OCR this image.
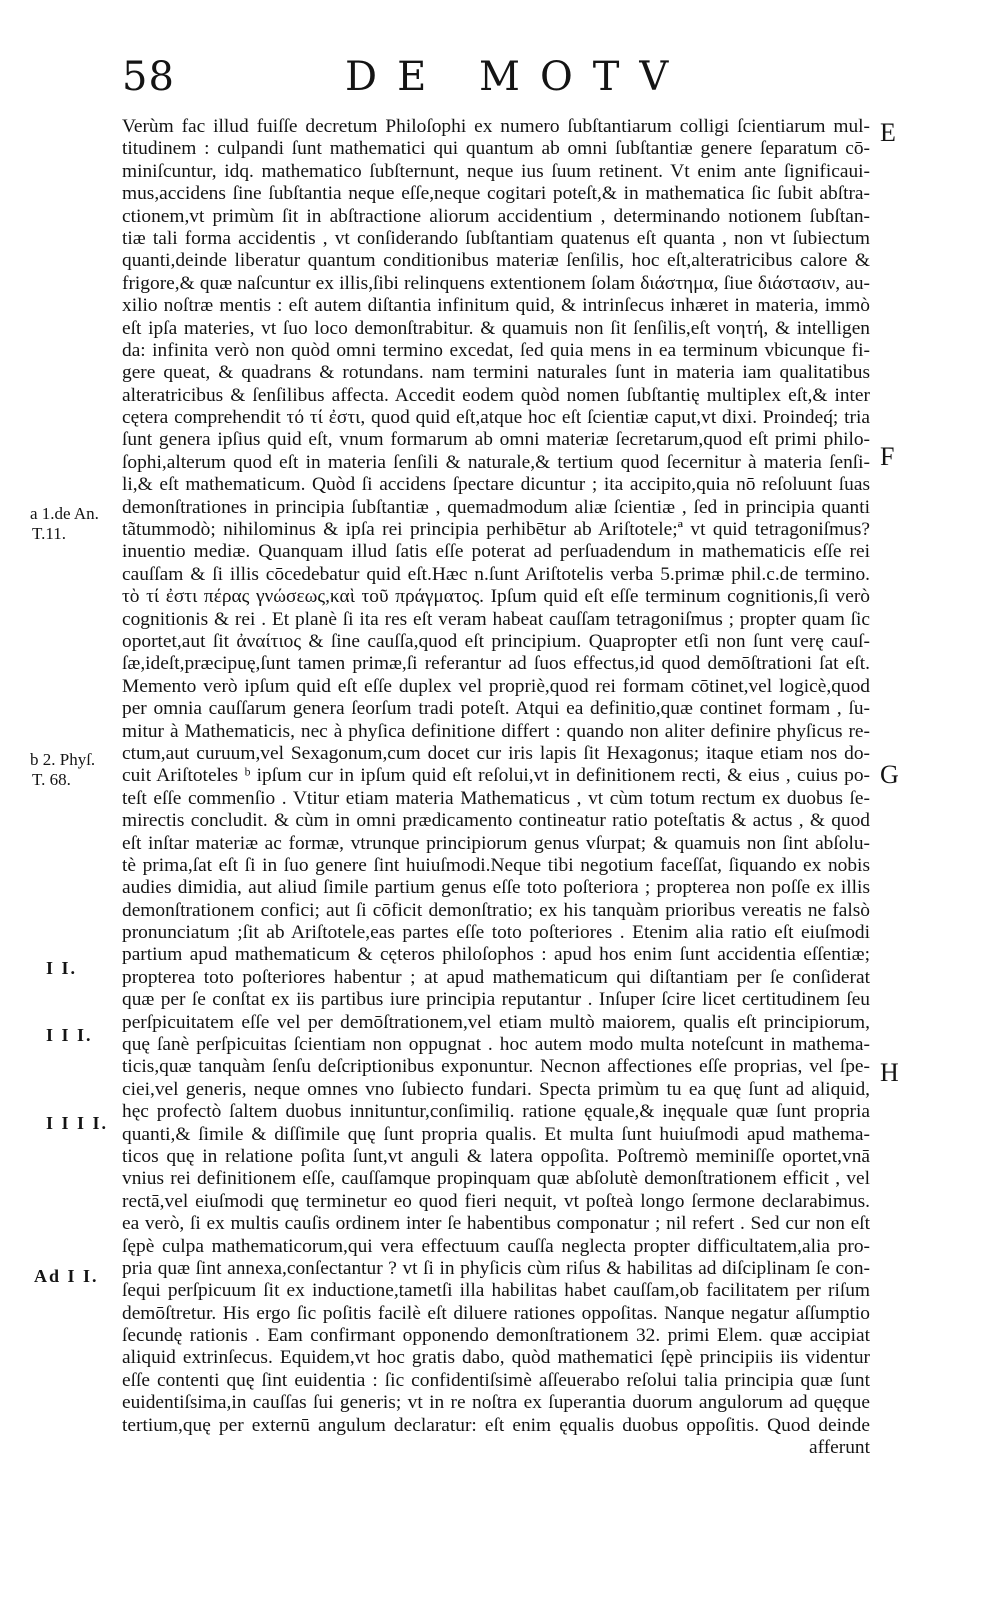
58	DE MOTV
Verùm fac illud fuiſſe decretum Philoſophi ex numero ſubſtantiarum colligi ſcientiarum mul-
titudinem : culpandi ſunt mathematici qui quantum ab omni ſubſtantiæ genere ſeparatum cō-
miniſcuntur, idq. mathematico ſubſternunt, neque ius ſuum retinent. Vt enim ante ſignificaui-
mus,accidens ſine ſubſtantia neque eſſe,neque cogitari poteſt,& in mathematica ſic ſubit abſtra-
ctionem,vt primùm ſit in abſtractione aliorum accidentium , determinando notionem ſubſtan-
tiæ tali forma accidentis , vt conſiderando ſubſtantiam quatenus eſt quanta , non vt ſubiectum
quanti,deinde liberatur quantum conditionibus materiæ ſenſilis, hoc eſt,alteratricibus calore &
frigore,& quæ naſcuntur ex illis,ſibi relinquens extentionem ſolam διάστημα, ſiue διάστασιν, au-
xilio noſtræ mentis : eſt autem diſtantia infinitum quid, & intrinſecus inhæret in materia, immò
eſt ipſa materies, vt ſuo loco demonſtrabitur. & quamuis non ſit ſenſilis,eſt νοητή, & intelligen
da: infinita verò non quòd omni termino excedat, ſed quia mens in ea terminum vbicunque fi-
gere queat, & quadrans & rotundans. nam termini naturales ſunt in materia iam qualitatibus
alteratricibus & ſenſilibus affecta. Accedit eodem quòd nomen ſubſtantię multiplex eſt,& inter
cętera comprehendit τό τί ἐστι, quod quid eſt,atque hoc eſt ſcientiæ caput,vt dixi. Proindeq́; tria
ſunt genera ipſius quid eſt, vnum formarum ab omni materiæ ſecretarum,quod eſt primi philo-
ſophi,alterum quod eſt in materia ſenſili & naturale,& tertium quod ſecernitur à materia ſenſi-
li,& eſt mathematicum. Quòd ſi accidens ſpectare dicuntur ; ita accipito,quia nō reſoluunt ſuas
demonſtrationes in principia ſubſtantiæ , quemadmodum aliæ ſcientiæ , ſed in principia quanti
tãtummodò; nihilominus & ipſa rei principia perhibētur ab Ariſtotele;ª vt quid tetragoniſmus?
inuentio mediæ. Quanquam illud ſatis eſſe poterat ad perſuadendum in mathematicis eſſe rei
cauſſam & ſi illis cōcedebatur quid eſt.Hæc n.ſunt Ariſtotelis verba 5.primæ phil.c.de termino.
τὸ τί ἐστι πέρας γνώσεως,καὶ τοῦ πράγματος. Ipſum quid eſt eſſe terminum cognitionis,ſi verò
cognitionis & rei . Et planè ſi ita res eſt veram habeat cauſſam tetragoniſmus ; propter quam ſic
oportet,aut ſit ἀναίτιος & ſine cauſſa,quod eſt principium. Quapropter etſi non ſunt verę cauſ-
ſæ,ideſt,præcipuę,ſunt tamen primæ,ſi referantur ad ſuos effectus,id quod demōſtrationi ſat eſt.
Memento verò ipſum quid eſt eſſe duplex vel propriè,quod rei formam cōtinet,vel logicè,quod
per omnia cauſſarum genera ſeorſum tradi poteſt. Atqui ea definitio,quæ continet formam , ſu-
mitur à Mathematicis, nec à phyſica definitione differt : quando non aliter definire phyſicus re-
ctum,aut curuum,vel Sexagonum,cum docet cur iris lapis ſit Hexagonus; itaque etiam nos do-
cuit Ariſtoteles ᵇ ipſum cur in ipſum quid eſt reſolui,vt in definitionem recti, & eius , cuius po-
teſt eſſe commenſio . Vtitur etiam materia Mathematicus , vt cùm totum rectum ex duobus ſe-
mirectis concludit. & cùm in omni prædicamento contineatur ratio poteſtatis & actus , & quod
eſt inſtar materiæ ac formæ, vtrunque principiorum genus vſurpat; & quamuis non ſint abſolu-
tè prima,ſat eſt ſi in ſuo genere ſint huiuſmodi.Neque tibi negotium faceſſat, ſiquando ex nobis
audies dimidia, aut aliud ſimile partium genus eſſe toto poſteriora ; propterea non poſſe ex illis
demonſtrationem confici; aut ſi cōficit demonſtratio; ex his tanquàm prioribus vereatis ne falsò
pronunciatum ;ſit ab Ariſtotele,eas partes eſſe toto poſteriores . Etenim alia ratio eſt eiuſmodi
partium apud mathematicum & cęteros philoſophos : apud hos enim ſunt accidentia eſſentiæ;
propterea toto poſteriores habentur ; at apud mathematicum qui diſtantiam per ſe conſiderat
quæ per ſe conſtat ex iis partibus iure principia reputantur . Inſuper ſcire licet certitudinem ſeu
perſpicuitatem eſſe vel per demōſtrationem,vel etiam multò maiorem, qualis eſt principiorum,
quę ſanè perſpicuitas ſcientiam non oppugnat . hoc autem modo multa noteſcunt in mathema-
ticis,quæ tanquàm ſenſu deſcriptionibus exponuntur. Necnon affectiones eſſe proprias, vel ſpe-
ciei,vel generis, neque omnes vno ſubiecto fundari. Specta primùm tu ea quę ſunt ad aliquid,
hęc profectò ſaltem duobus innituntur,conſimiliq. ratione ęquale,& inęquale quæ ſunt propria
quanti,& ſimile & diſſimile quę ſunt propria qualis. Et multa ſunt huiuſmodi apud mathema-
ticos quę in relatione poſita ſunt,vt anguli & latera oppoſita. Poſtremò meminiſſe oportet,vnā
vnius rei definitionem eſſe, cauſſamque propinquam quæ abſolutè demonſtrationem efficit , vel
rectā,vel eiuſmodi quę terminetur eo quod fieri nequit, vt poſteà longo ſermone declarabimus.
ea verò, ſi ex multis cauſis ordinem inter ſe habentibus componatur ; nil refert . Sed cur non eſt
ſępè culpa mathematicorum,qui vera effectuum cauſſa neglecta propter difficultatem,alia pro-
pria quæ ſint annexa,conſectantur ? vt ſi in phyſicis cùm riſus & habilitas ad diſciplinam ſe con-
ſequi perſpicuum ſit ex inductione,tametſi illa habilitas habet cauſſam,ob facilitatem per riſum
demōſtretur. His ergo ſic poſitis facilè eſt diluere rationes oppoſitas. Nanque negatur aſſumptio
ſecundę rationis . Eam confirmant opponendo demonſtrationem 32. primi Elem. quæ accipiat
aliquid extrinſecus. Equidem,vt hoc gratis dabo, quòd mathematici ſępè principiis iis videntur
eſſe contenti quę ſint euidentia : ſic confidentiſsimè aſſeuerabo reſolui talia principia quæ ſunt
euidentiſsima,in cauſſas ſui generis; vt in re noſtra ex ſuperantia duorum angulorum ad quęque
tertium,quę per externū angulum declaratur: eſt enim ęqualis duobus oppoſitis. Quod deinde
afferunt
a 1.de An.
T.11.
b 2. Phyſ.
T. 68.
I I.
I I I.
I I I I.
Ad I I.
E
F
G
H
